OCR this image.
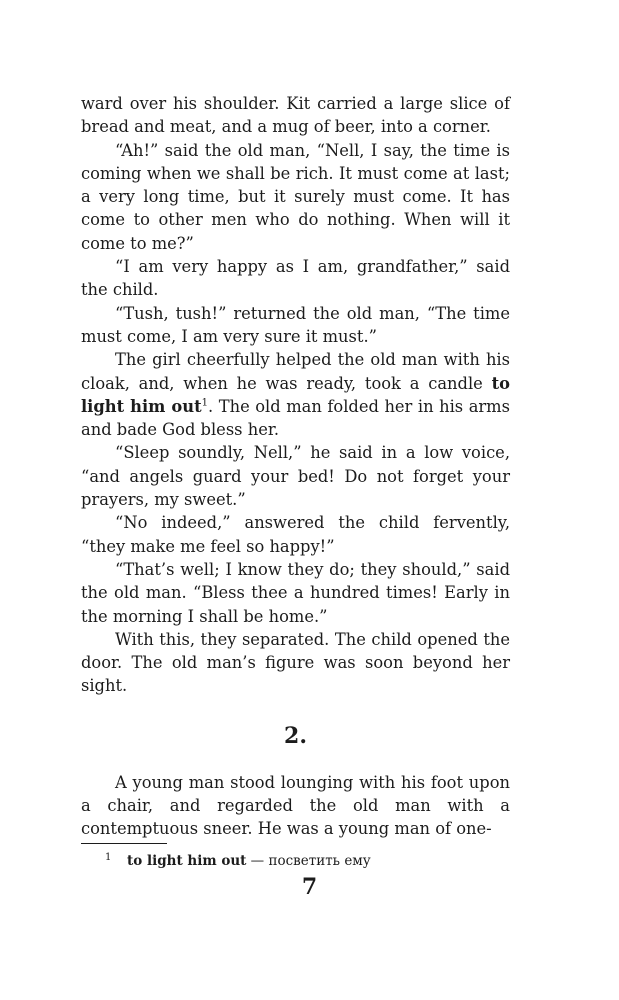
ward over his shoulder. Kit carried a large slice of bread and meat, and a mug of beer, into a corner.

“Ah!” said the old man, “Nell, I say, the time is coming when we shall be rich. It must come at last; a very long time, but it surely must come. It has come to other men who do nothing. When will it come to me?”

“I am very happy as I am, grandfather,” said the child.

“Tush, tush!” returned the old man, “The time must come, I am very sure it must.”

The girl cheerfully helped the old man with his cloak, and, when he was ready, took a candle to light him out$^1$. The old man folded her in his arms and bade God bless her.

“Sleep soundly, Nell,” he said in a low voice, “and angels guard your bed! Do not forget your prayers, my sweet.”

“No indeed,” answered the child fervently, “they make me feel so happy!”

“That’s well; I know they do; they should,” said the old man. “Bless thee a hundred times! Early in the morning I shall be home.”

With this, they separated. The child opened the door. The old man’s figure was soon beyond her sight.

2.

A young man stood lounging with his foot upon a chair, and regarded the old man with a contemptuous sneer. He was a young man of one-

1 to light him out — посветить ему

7
